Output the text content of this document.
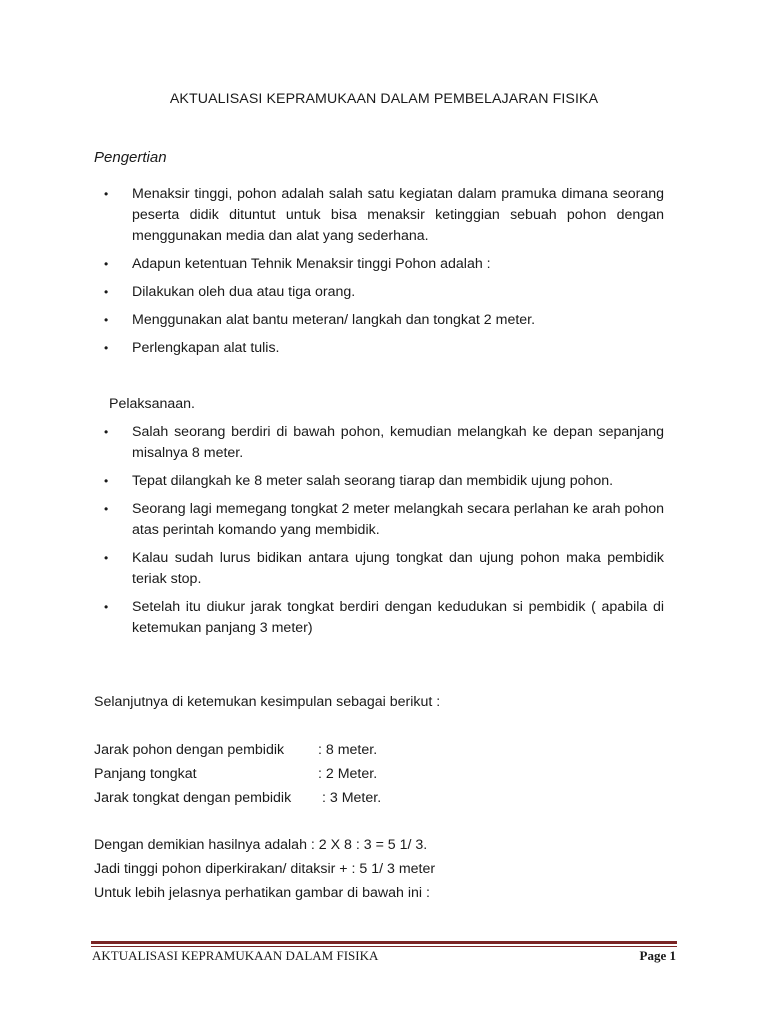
AKTUALISASI KEPRAMUKAAN DALAM PEMBELAJARAN FISIKA
Pengertian
•	Menaksir tinggi, pohon adalah salah satu kegiatan dalam pramuka dimana seorang peserta didik dituntut untuk bisa menaksir ketinggian sebuah pohon dengan menggunakan media dan alat yang sederhana.
•	Adapun ketentuan Tehnik Menaksir tinggi Pohon adalah :
•	Dilakukan oleh dua atau tiga orang.
•	Menggunakan alat bantu meteran/ langkah dan tongkat 2 meter.
•	Perlengkapan alat tulis.
Pelaksanaan.
•	Salah seorang berdiri di bawah pohon, kemudian melangkah ke depan sepanjang misalnya 8 meter.
•	Tepat dilangkah ke 8 meter salah seorang tiarap dan membidik ujung pohon.
•	Seorang lagi memegang tongkat 2 meter melangkah secara perlahan ke arah pohon atas perintah komando yang membidik.
•	Kalau sudah lurus bidikan antara ujung tongkat dan ujung pohon maka pembidik teriak stop.
•	Setelah itu diukur jarak tongkat berdiri dengan kedudukan si pembidik ( apabila di ketemukan panjang 3 meter)
Selanjutnya di ketemukan kesimpulan sebagai berikut :
Jarak pohon dengan pembidik : 8 meter.
Panjang tongkat	: 2 Meter.
Jarak tongkat dengan pembidik : 3 Meter.
Dengan demikian hasilnya adalah : 2 X 8 : 3 = 5 1/ 3.
Jadi tinggi pohon diperkirakan/ ditaksir + : 5 1/ 3 meter
Untuk lebih jelasnya perhatikan gambar di bawah ini :
AKTUALISASI KEPRAMUKAAN DALAM FISIKA	Page 1
